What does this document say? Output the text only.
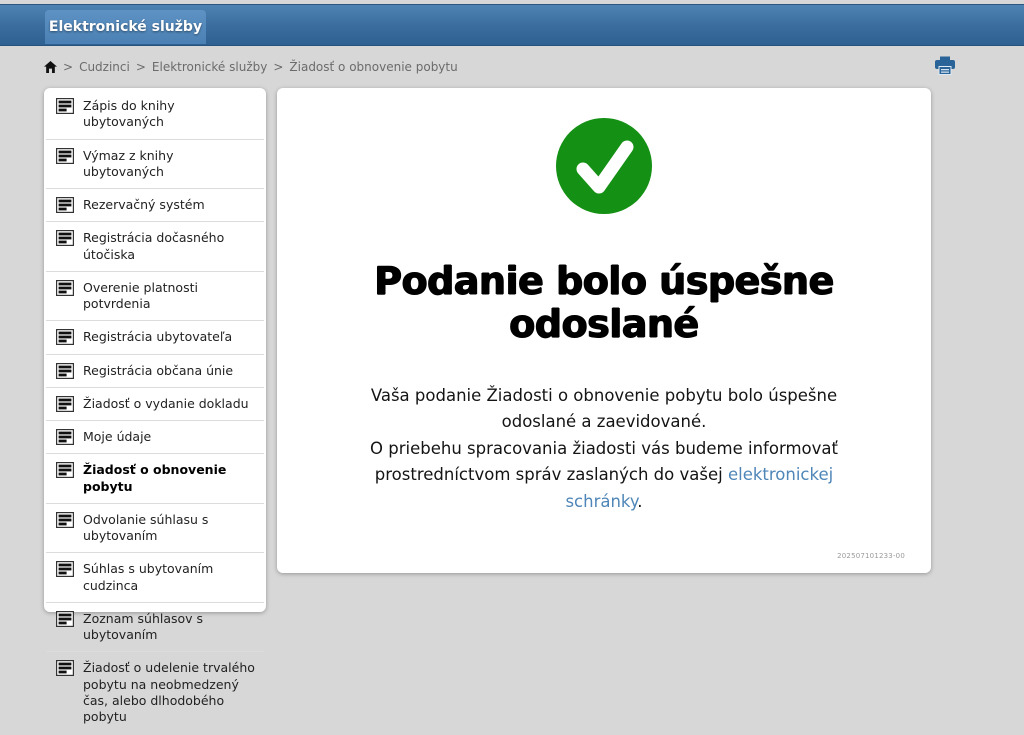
Elektronické služby
> Cudzinci > Elektronické služby > Žiadosť o obnovenie pobytu
Zápis do knihy ubytovaných
Výmaz z knihy ubytovaných
Rezervačný systém
Registrácia dočasného útočiska
Overenie platnosti potvrdenia
Registrácia ubytovateľa
Registrácia občana únie
Žiadosť o vydanie dokladu
Moje údaje
Žiadosť o obnovenie pobytu
Odvolanie súhlasu s ubytovaním
Súhlas s ubytovaním cudzinca
Zoznam súhlasov s ubytovaním
Žiadosť o udelenie trvalého pobytu na neobmedzený čas, alebo dlhodobého pobytu
Podanie bolo úspešne odoslané

Vaša podanie Žiadosti o obnovenie pobytu bolo úspešne odoslané a zaevidované.
O priebehu spracovania žiadosti vás budeme informovať prostredníctvom správ zaslaných do vašej elektronickej schránky.

202507101233-00
